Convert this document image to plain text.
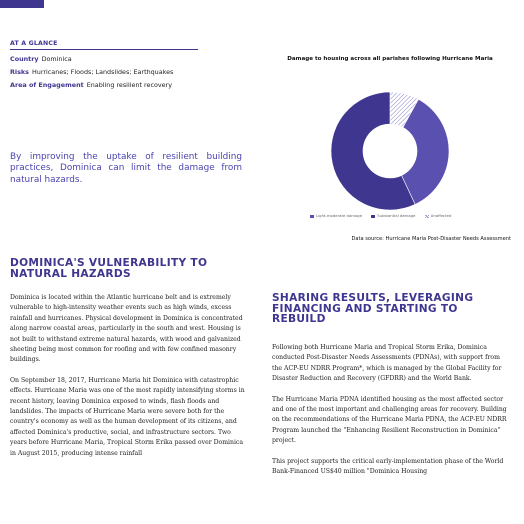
AT A GLANCE
Country Dominica
Risks Hurricanes; Floods; Landslides; Earthquakes
Area of Engagement Enabling resilient recovery
By improving the uptake of resilient building practices, Dominica can limit the damage from natural hazards.
Damage to housing across all parishes following Hurricane Maria
Light-moderate damage	Substantial damage	Unaffected
Data source: Hurricane Maria Post-Disaster Needs Assessment
DOMINICA'S VULNERABILITY TO NATURAL HAZARDS

Dominica is located within the Atlantic hurricane belt and is extremely vulnerable to high-intensity weather events such as high winds, excess rainfall and hurricanes. Physical development in Dominica is concentrated along narrow coastal areas, particularly in the south and west. Housing is not built to withstand extreme natural hazards, with wood and galvanized sheeting being most common for roofing and with few confined masonry buildings.

On September 18, 2017, Hurricane Maria hit Dominica with catastrophic effects. Hurricane Maria was one of the most rapidly intensifying storms in recent history, leaving Dominica exposed to winds, flash floods and landslides. The impacts of Hurricane Maria were severe both for the country's economy as well as the human development of its citizens, and affected Dominica's productive, social, and infrastructure sectors. Two years before Hurricane Maria, Tropical Storm Erika passed over Dominica in August 2015, producing intense rainfall

SHARING RESULTS, LEVERAGING FINANCING AND STARTING TO REBUILD

Following both Hurricane Maria and Tropical Storm Erika, Dominica conducted Post-Disaster Needs Assessments (PDNAs), with support from the ACP-EU NDRR Program*, which is managed by the Global Facility for Disaster Reduction and Recovery (GFDRR) and the World Bank.

The Hurricane Maria PDNA identified housing as the most affected sector and one of the most important and challenging areas for recovery. Building on the recommendations of the Hurricane Maria PDNA, the ACP-EU NDRR Program launched the "Enhancing Resilient Reconstruction in Dominica" project.

This project supports the critical early-implementation phase of the World Bank-Financed US$40 million "Dominica Housing
